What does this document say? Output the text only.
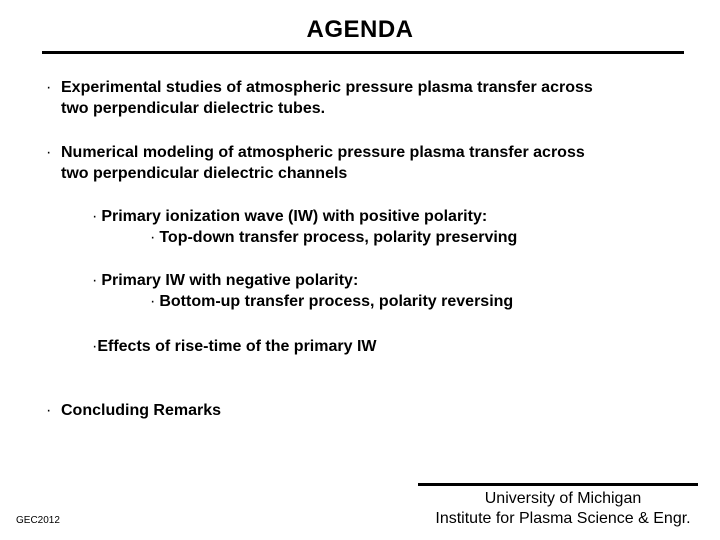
AGENDA
· Experimental studies of atmospheric pressure plasma transfer across
two perpendicular dielectric tubes.
· Numerical modeling of atmospheric pressure plasma transfer across
two perpendicular dielectric channels
· Primary ionization wave (IW) with positive polarity:
· Top-down transfer process, polarity preserving
· Primary IW with negative polarity:
· Bottom-up transfer process, polarity reversing
·Effects of rise-time of the primary IW
· Concluding Remarks
GEC2012
University of Michigan
Institute for Plasma Science & Engr.
